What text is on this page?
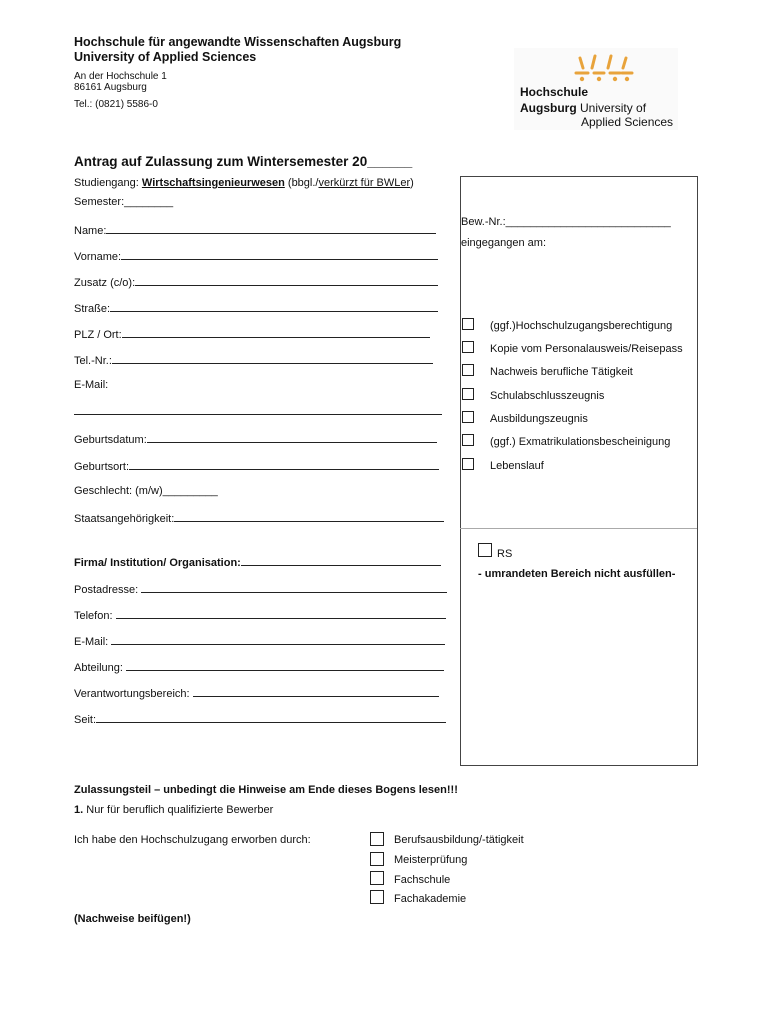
Hochschule für angewandte Wissenschaften Augsburg
University of Applied Sciences
An der Hochschule 1
86161 Augsburg
Tel.: (0821) 5586-0
Hochschule
Augsburg University of
Applied Sciences
Antrag auf Zulassung zum Wintersemester 20______
Studiengang: Wirtschaftsingenieurwesen (bbgl./verkürzt für BWLer)
Semester:________
Name:
Vorname:
Zusatz (c/o):
Straße:
PLZ / Ort:
Tel.-Nr.:
E-Mail:
Geburtsdatum:
Geburtsort:
Geschlecht: (m/w)_________
Staatsangehörigkeit:
Firma/ Institution/ Organisation:
Postadresse:
Telefon:
E-Mail:
Abteilung:
Verantwortungsbereich:
Seit:
Bew.-Nr.:___________________________
eingegangen am:
(ggf.)Hochschulzugangsberechtigung
Kopie vom Personalausweis/Reisepass
Nachweis berufliche Tätigkeit
Schulabschlusszeugnis
Ausbildungszeugnis
(ggf.) Exmatrikulationsbescheinigung
Lebenslauf
RS
- umrandeten Bereich nicht ausfüllen-
Zulassungsteil – unbedingt die Hinweise am Ende dieses Bogens lesen!!!
1. Nur für beruflich qualifizierte Bewerber
Ich habe den Hochschulzugang erworben durch:	Berufsausbildung/-tätigkeit
Meisterprüfung
Fachschule
Fachakademie
(Nachweise beifügen!)
